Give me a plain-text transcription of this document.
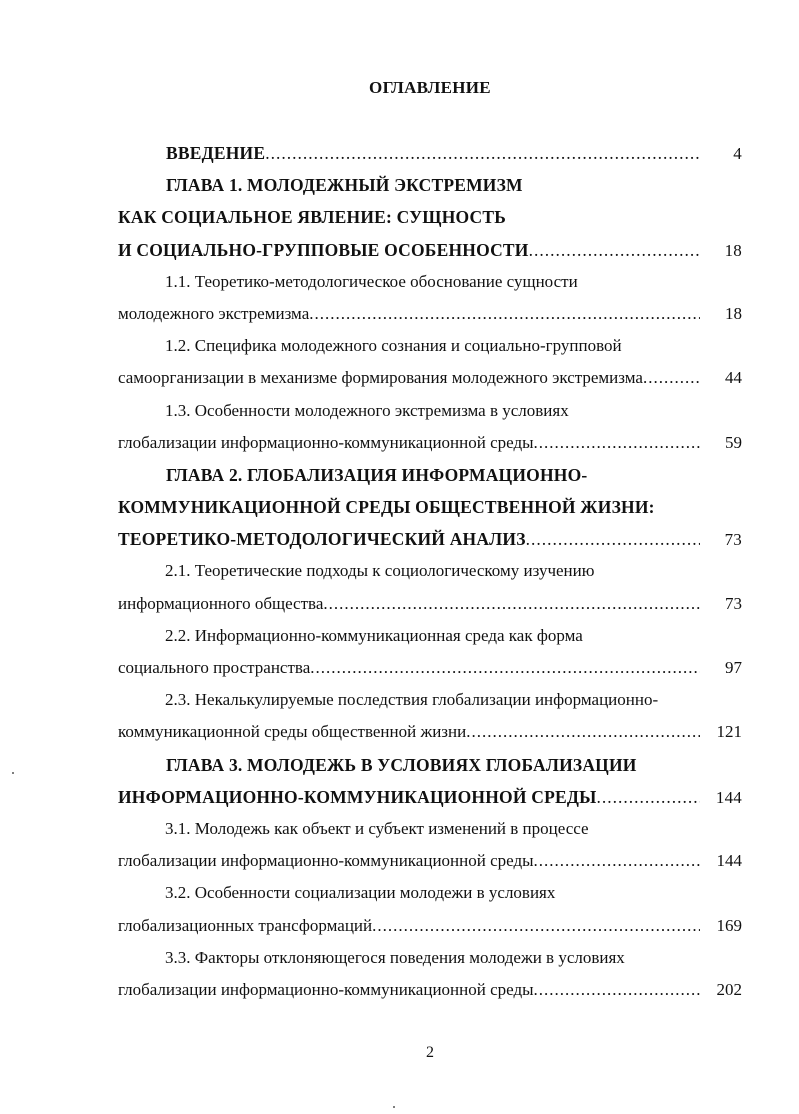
ОГЛАВЛЕНИЕ
ВВЕДЕНИЕ .....	4
ГЛАВА 1. МОЛОДЕЖНЫЙ ЭКСТРЕМИЗМ
КАК СОЦИАЛЬНОЕ ЯВЛЕНИЕ: СУЩНОСТЬ
И СОЦИАЛЬНО-ГРУППОВЫЕ ОСОБЕННОСТИ .....	18
1.1. Теоретико-методологическое обоснование сущности
молодежного экстремизма .....	18
1.2. Специфика молодежного сознания и социально-групповой
самоорганизации в механизме формирования молодежного экстремизма .....	44
1.3. Особенности молодежного экстремизма в условиях
глобализации информационно-коммуникационной среды .....	59
ГЛАВА 2. ГЛОБАЛИЗАЦИЯ ИНФОРМАЦИОННО-
КОММУНИКАЦИОННОЙ СРЕДЫ ОБЩЕСТВЕННОЙ ЖИЗНИ:
ТЕОРЕТИКО-МЕТОДОЛОГИЧЕСКИЙ АНАЛИЗ .....	73
2.1. Теоретические подходы к социологическому изучению
информационного общества .....	73
2.2. Информационно-коммуникационная среда как форма
социального пространства .....	97
2.3. Некалькулируемые последствия глобализации информационно-
коммуникационной среды общественной жизни .....	121
ГЛАВА 3. МОЛОДЕЖЬ В УСЛОВИЯХ ГЛОБАЛИЗАЦИИ
ИНФОРМАЦИОННО-КОММУНИКАЦИОННОЙ СРЕДЫ .....	144
3.1. Молодежь как объект и субъект изменений в процессе
глобализации информационно-коммуникационной среды .....	144
3.2. Особенности социализации молодежи в условиях
глобализационных трансформаций .....	169
3.3. Факторы отклоняющегося поведения молодежи в условиях
глобализации информационно-коммуникационной среды .....	202
2
